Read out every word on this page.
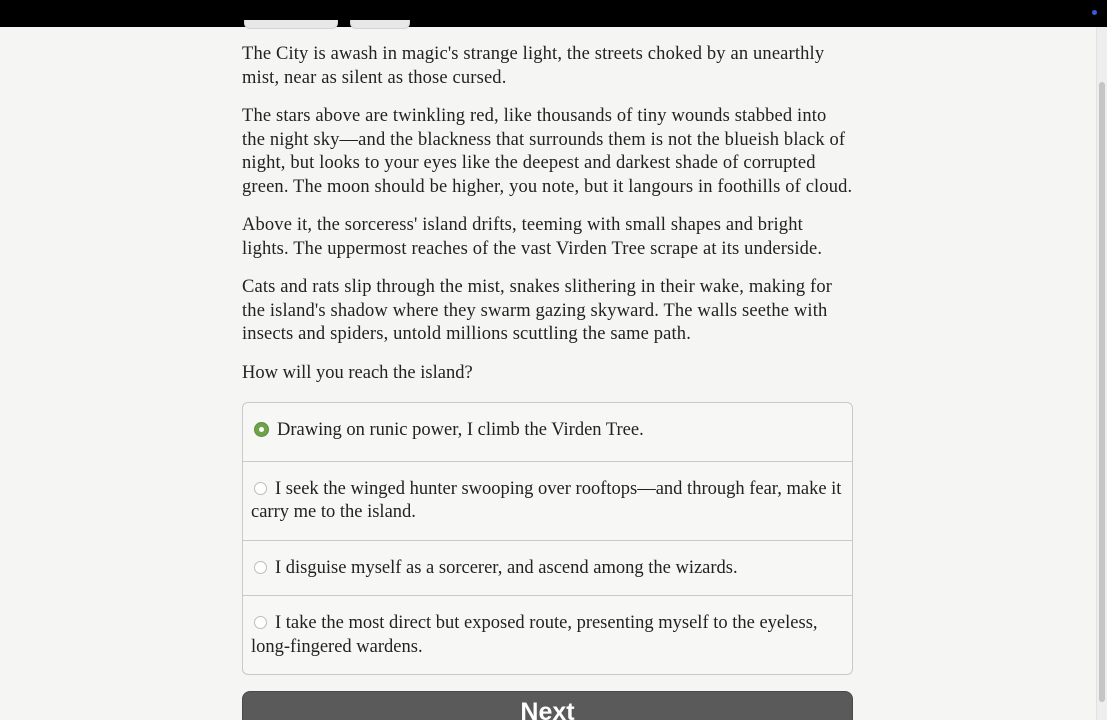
The City is awash in magic's strange light, the streets choked by an unearthly mist, near as silent as those cursed.

The stars above are twinkling red, like thousands of tiny wounds stabbed into the night sky—and the blackness that surrounds them is not the blueish black of night, but looks to your eyes like the deepest and darkest shade of corrupted green. The moon should be higher, you note, but it langours in foothills of cloud.

Above it, the sorceress' island drifts, teeming with small shapes and bright lights. The uppermost reaches of the vast Virden Tree scrape at its underside.

Cats and rats slip through the mist, snakes slithering in their wake, making for the island's shadow where they swarm gazing skyward. The walls seethe with insects and spiders, untold millions scuttling the same path.

How will you reach the island?

Drawing on runic power, I climb the Virden Tree.
I seek the winged hunter swooping over rooftops—and through fear, make it carry me to the island.
I disguise myself as a sorcerer, and ascend among the wizards.
I take the most direct but exposed route, presenting myself to the eyeless, long-fingered wardens.
Next
